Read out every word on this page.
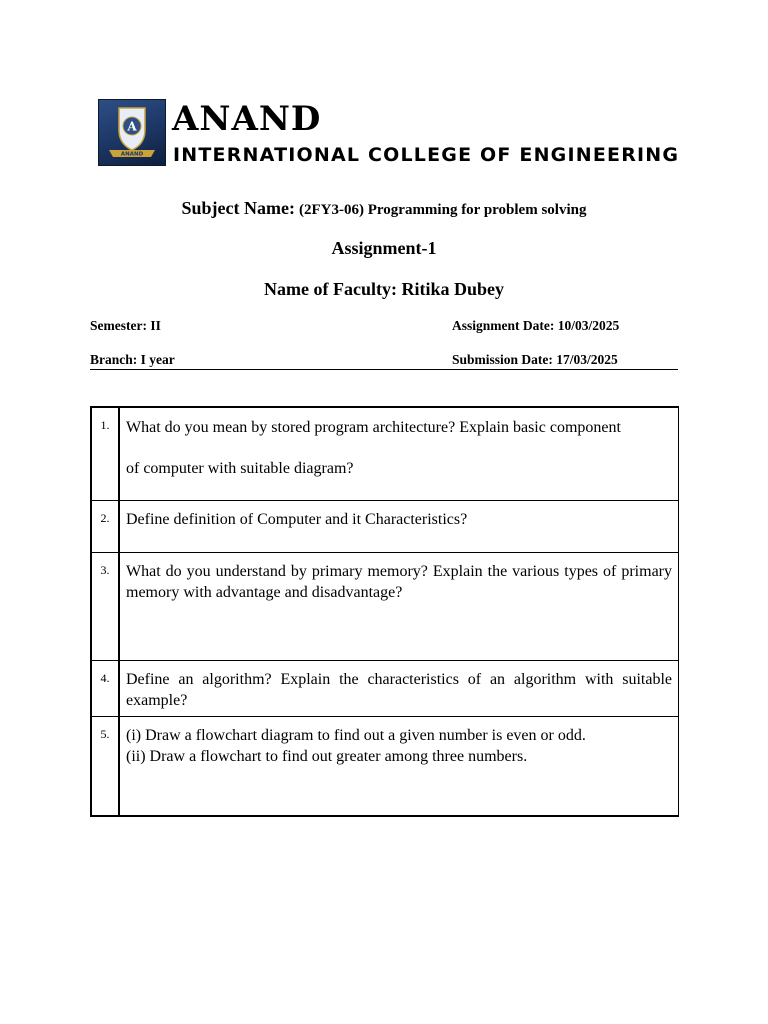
A
ANAND
ANAND
INTERNATIONAL COLLEGE OF ENGINEERING
Subject Name: (2FY3-06) Programming for problem solving
Assignment-1
Name of Faculty: Ritika Dubey
Semester: II	Assignment Date: 10/03/2025
Branch: I year	Submission Date: 17/03/2025
1.	What do you mean by stored program architecture? Explain basic component
of computer with suitable diagram?

2.	Define definition of Computer and it Characteristics?

3.	What do you understand by primary memory? Explain the various types of primary memory with advantage and disadvantage?

4.	Define an algorithm? Explain the characteristics of an algorithm with suitable example?

5.	(i) Draw a flowchart diagram to find out a given number is even or odd.
(ii) Draw a flowchart to find out greater among three numbers.
